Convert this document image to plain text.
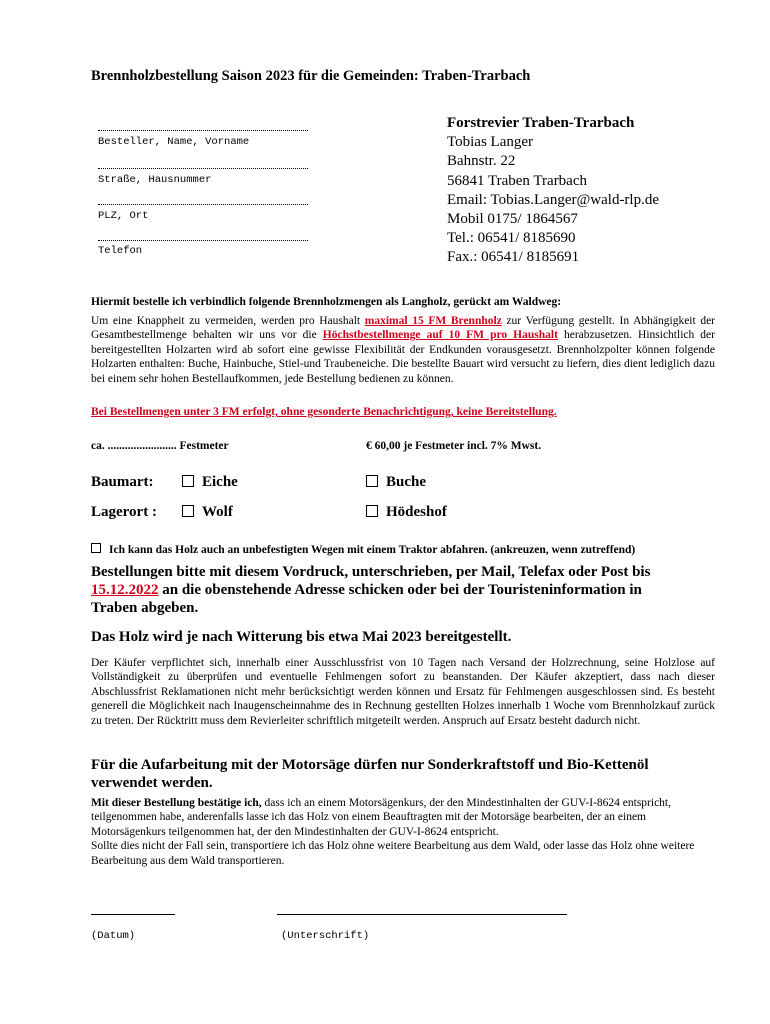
Brennholzbestellung Saison 2023 für die Gemeinden: Traben-Trarbach
Besteller, Name, Vorname
Straße, Hausnummer
PLZ, Ort
Telefon
Forstrevier Traben-Trarbach
Tobias Langer
Bahnstr. 22
56841 Traben Trarbach
Email: Tobias.Langer@wald-rlp.de
Mobil 0175/ 1864567
Tel.: 06541/ 8185690
Fax.: 06541/ 8185691
Hiermit bestelle ich verbindlich folgende Brennholzmengen als Langholz, gerückt am Waldweg:
Um eine Knappheit zu vermeiden, werden pro Haushalt maximal 15 FM Brennholz zur Verfügung gestellt. In Abhängigkeit der Gesamtbestellmenge behalten wir uns vor die Höchstbestellmenge auf 10 FM pro Haushalt herabzusetzen. Hinsichtlich der bereitgestellten Holzarten wird ab sofort eine gewisse Flexibilität der Endkunden vorausgesetzt. Brennholzpolter können folgende Holzarten enthalten: Buche, Hainbuche, Stiel-und Traubeneiche. Die bestellte Bauart wird versucht zu liefern, dies dient lediglich dazu bei einem sehr hohen Bestellaufkommen, jede Bestellung bedienen zu können.
Bei Bestellmengen unter 3 FM erfolgt, ohne gesonderte Benachrichtigung, keine Bereitstellung.
ca. ........................ Festmeter	€ 60,00 je Festmeter incl. 7% Mwst.
Baumart:	Eiche	Buche
Lagerort :	Wolf	Hödeshof
Ich kann das Holz auch an unbefestigten Wegen mit einem Traktor abfahren. (ankreuzen, wenn zutreffend)
Bestellungen bitte mit diesem Vordruck, unterschrieben, per Mail, Telefax oder Post bis 15.12.2022 an die obenstehende Adresse schicken oder bei der Touristeninformation in Traben abgeben.
Das Holz wird je nach Witterung bis etwa Mai 2023 bereitgestellt.
Der Käufer verpflichtet sich, innerhalb einer Ausschlussfrist von 10 Tagen nach Versand der Holzrechnung, seine Holzlose auf Vollständigkeit zu überprüfen und eventuelle Fehlmengen sofort zu beanstanden. Der Käufer akzeptiert, dass nach dieser Abschlussfrist Reklamationen nicht mehr berücksichtigt werden können und Ersatz für Fehlmengen ausgeschlossen sind. Es besteht generell die Möglichkeit nach Inaugenscheinnahme des in Rechnung gestellten Holzes innerhalb 1 Woche vom Brennholzkauf zurück zu treten. Der Rücktritt muss dem Revierleiter schriftlich mitgeteilt werden. Anspruch auf Ersatz besteht dadurch nicht.
Für die Aufarbeitung mit der Motorsäge dürfen nur Sonderkraftstoff und Bio-Kettenöl verwendet werden.
Mit dieser Bestellung bestätige ich, dass ich an einem Motorsägenkurs, der den Mindestinhalten der GUV-I-8624 entspricht, teilgenommen habe, anderenfalls lasse ich das Holz von einem Beauftragten mit der Motorsäge bearbeiten, der an einem Motorsägenkurs teilgenommen hat, der den Mindestinhalten der GUV-I-8624 entspricht.
Sollte dies nicht der Fall sein, transportiere ich das Holz ohne weitere Bearbeitung aus dem Wald, oder lasse das Holz ohne weitere Bearbeitung aus dem Wald transportieren.
(Datum)	(Unterschrift)
